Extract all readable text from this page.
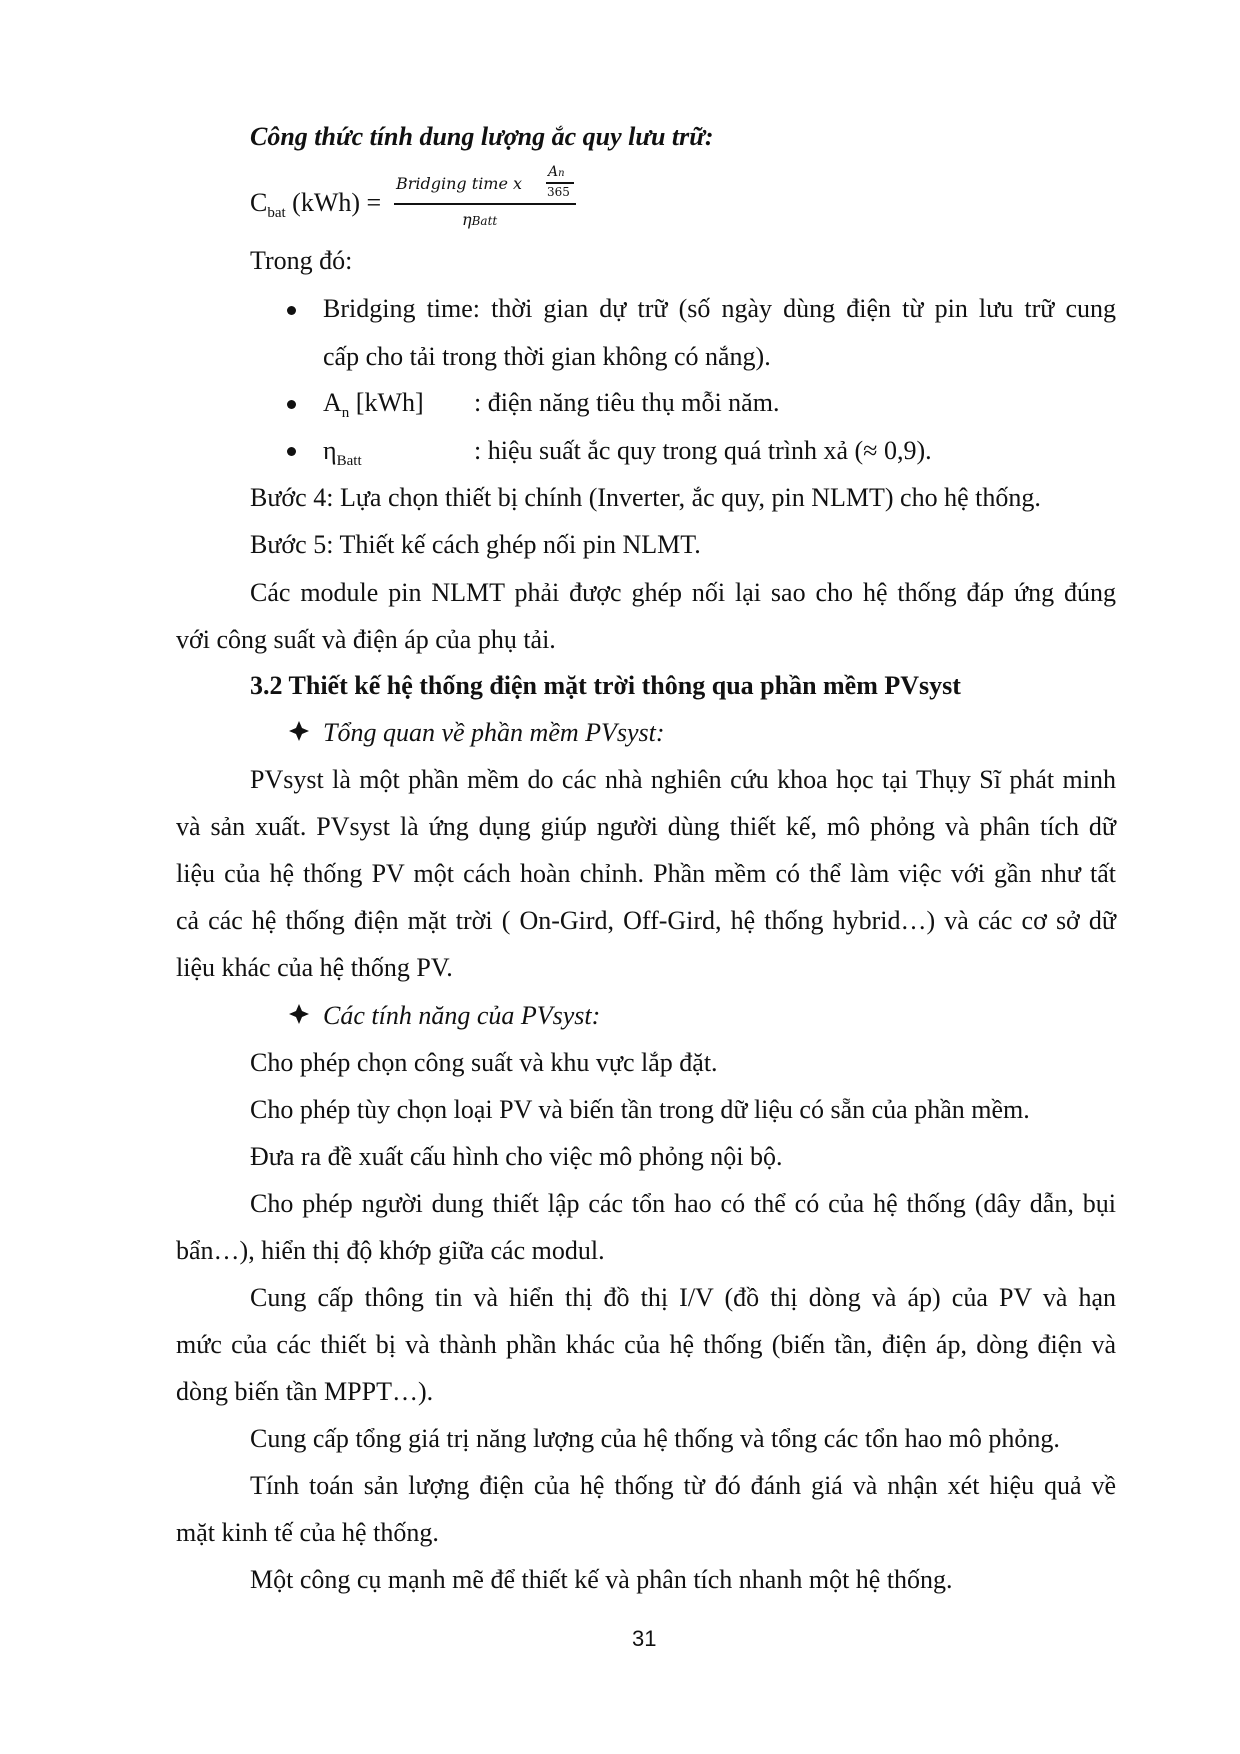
Công thức tính dung lượng ắc quy lưu trữ:
$C_{bat}$ (kWh) =
Bridging time x
An
365
ηBatt
Trong đó:
Bridging time: thời gian dự trữ (số ngày dùng điện từ pin lưu trữ cung
cấp cho tải trong thời gian không có nắng).
$A_n$ [kWh] : điện năng tiêu thụ mỗi năm.
$\eta_{Batt}$	: hiệu suất ắc quy trong quá trình xả (≈ 0,9).
Bước 4: Lựa chọn thiết bị chính (Inverter, ắc quy, pin NLMT) cho hệ thống.
Bước 5: Thiết kế cách ghép nối pin NLMT.
Các module pin NLMT phải được ghép nối lại sao cho hệ thống đáp ứng đúng
với công suất và điện áp của phụ tải.
3.2 Thiết kế hệ thống điện mặt trời thông qua phần mềm PVsyst
Tổng quan về phần mềm PVsyst:
PVsyst là một phần mềm do các nhà nghiên cứu khoa học tại Thụy Sĩ phát minh
và sản xuất. PVsyst là ứng dụng giúp người dùng thiết kế, mô phỏng và phân tích dữ
liệu của hệ thống PV một cách hoàn chỉnh. Phần mềm có thể làm việc với gần như tất
cả các hệ thống điện mặt trời ( On-Gird, Off-Gird, hệ thống hybrid…) và các cơ sở dữ
liệu khác của hệ thống PV.
Các tính năng của PVsyst:
Cho phép chọn công suất và khu vực lắp đặt.
Cho phép tùy chọn loại PV và biến tần trong dữ liệu có sẵn của phần mềm.
Đưa ra đề xuất cấu hình cho việc mô phỏng nội bộ.
Cho phép người dung thiết lập các tổn hao có thể có của hệ thống (dây dẫn, bụi
bẩn…), hiển thị độ khớp giữa các modul.
Cung cấp thông tin và hiển thị đồ thị I/V (đồ thị dòng và áp) của PV và hạn
mức của các thiết bị và thành phần khác của hệ thống (biến tần, điện áp, dòng điện và
dòng biến tần MPPT…).
Cung cấp tổng giá trị năng lượng của hệ thống và tổng các tổn hao mô phỏng.
Tính toán sản lượng điện của hệ thống từ đó đánh giá và nhận xét hiệu quả về
mặt kinh tế của hệ thống.
Một công cụ mạnh mẽ để thiết kế và phân tích nhanh một hệ thống.
31
